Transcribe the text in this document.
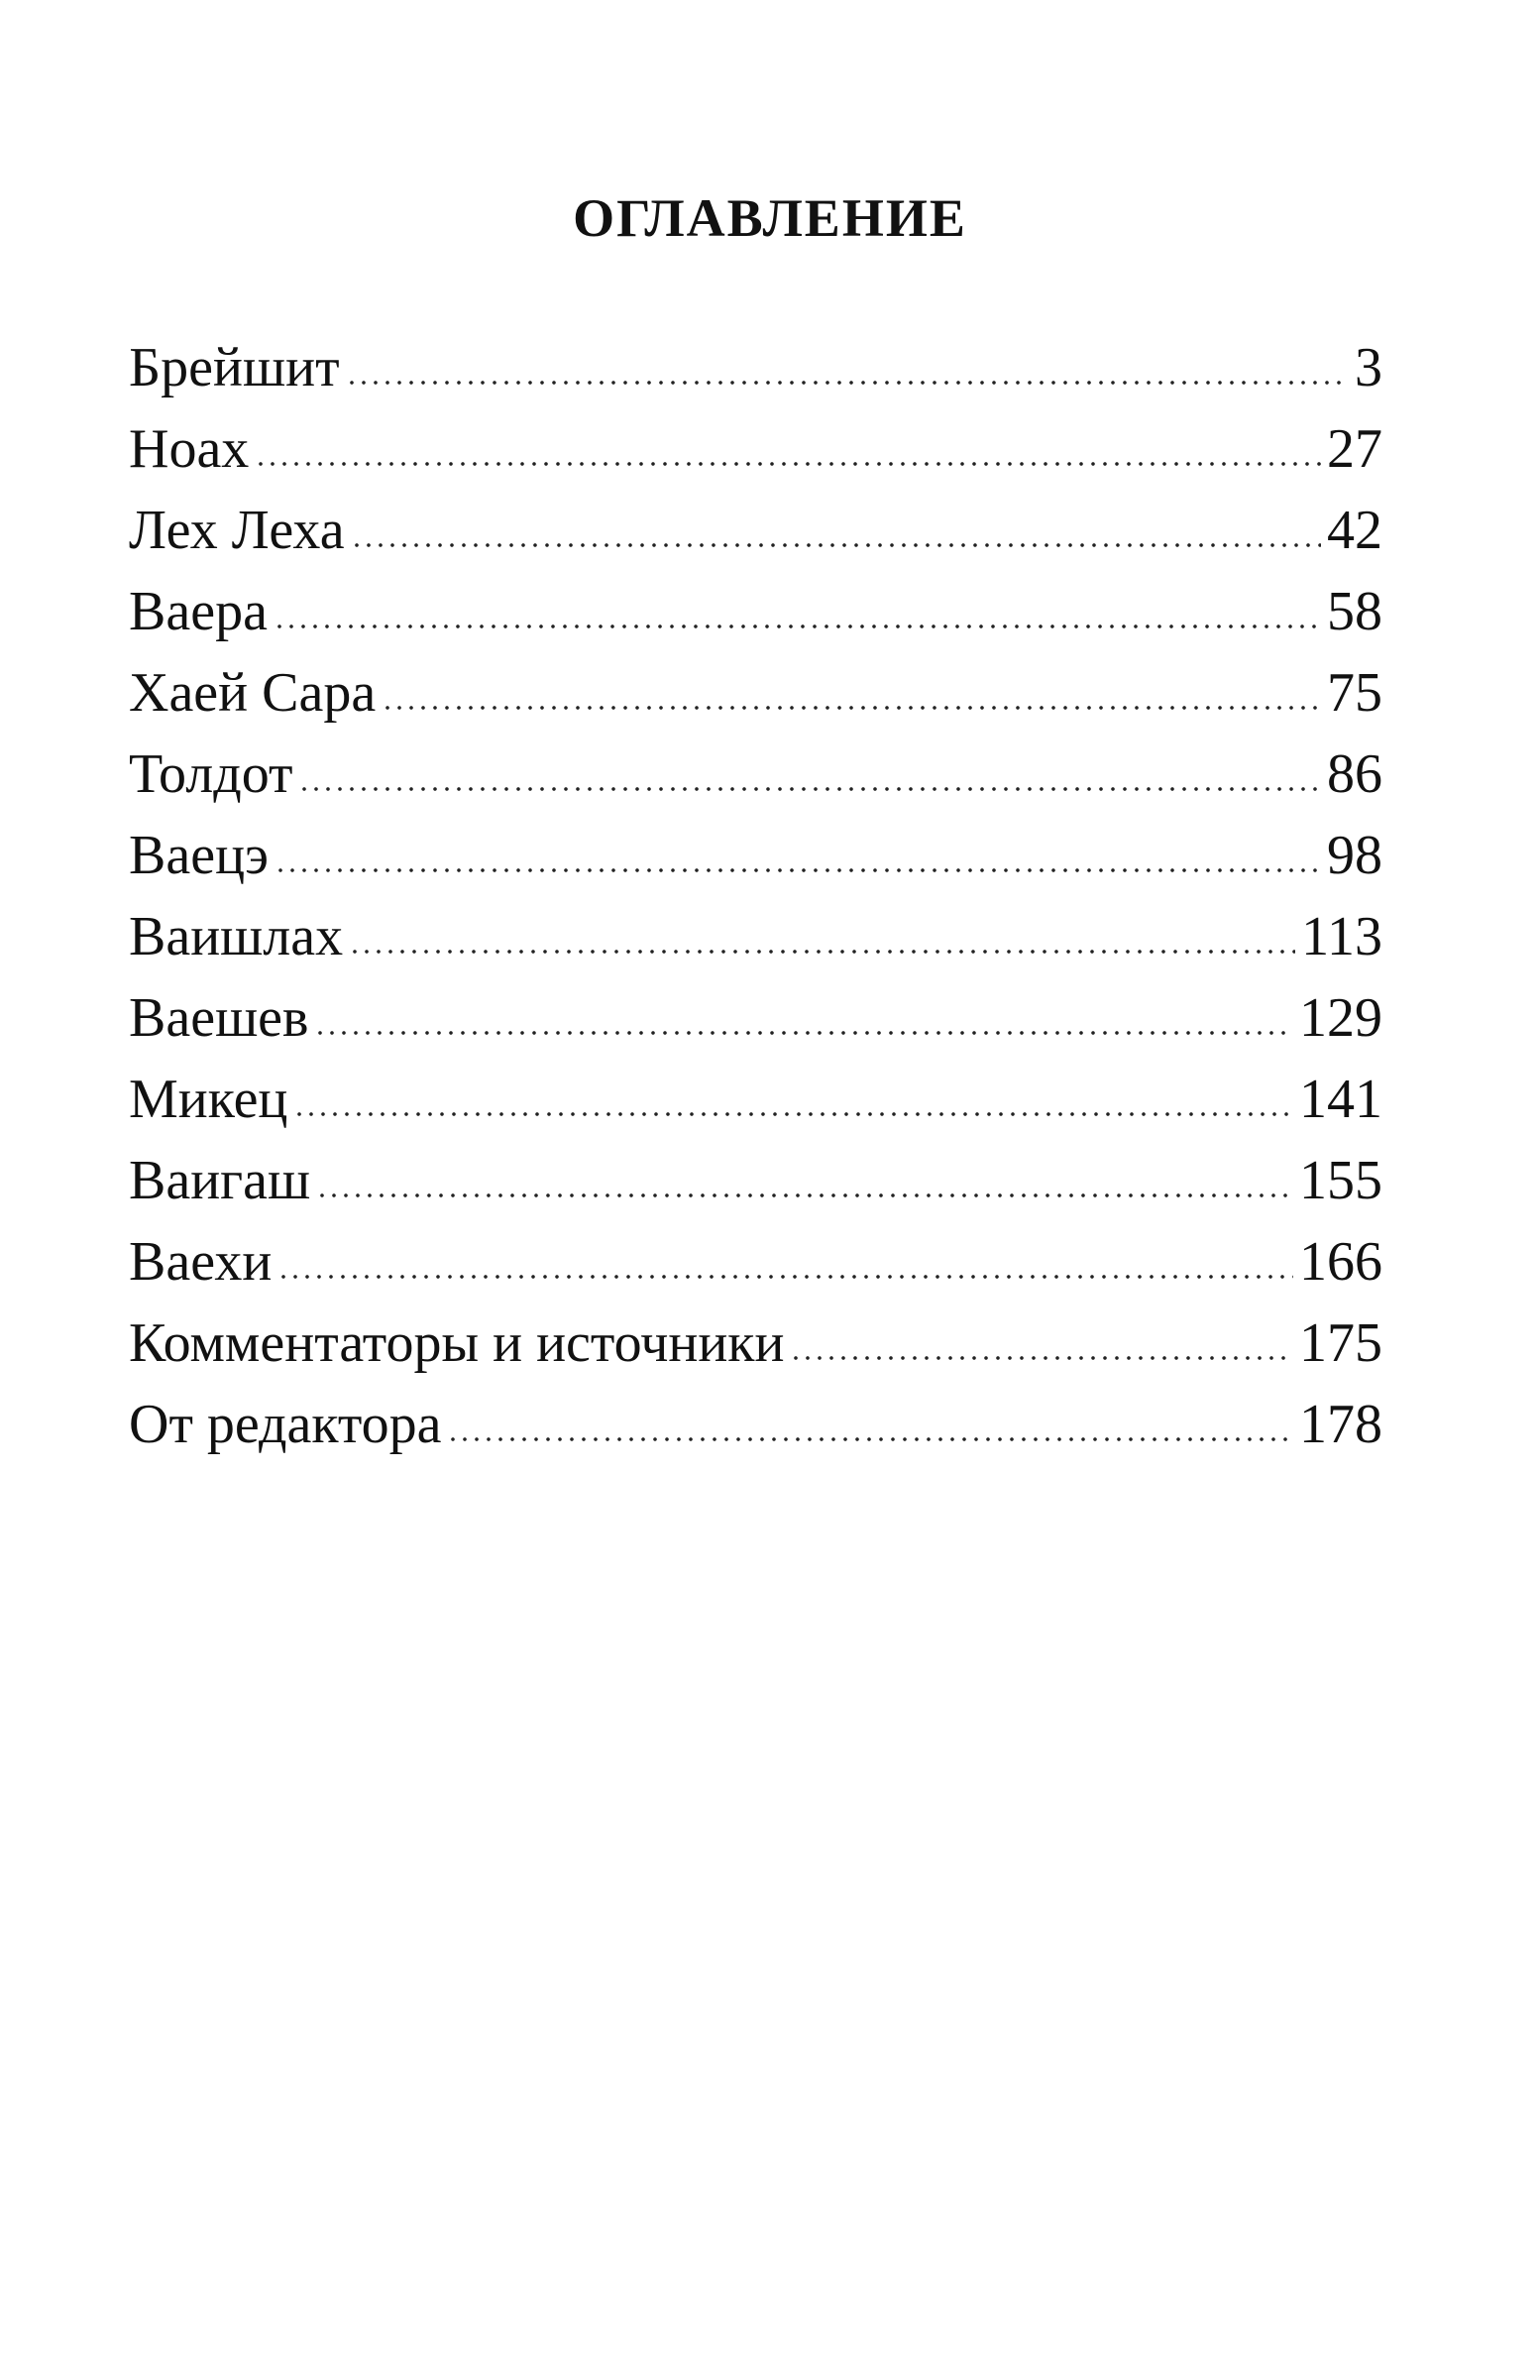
ОГЛАВЛЕНИЕ
Брейшит	3
Ноах	27
Лех Леха	42
Ваера	58
Хаей Сара	75
Толдот	86
Ваецэ	98
Ваишлах	113
Ваешев	129
Микец	141
Ваигаш	155
Ваехи	166
Комментаторы и источники	175
От редактора	178
